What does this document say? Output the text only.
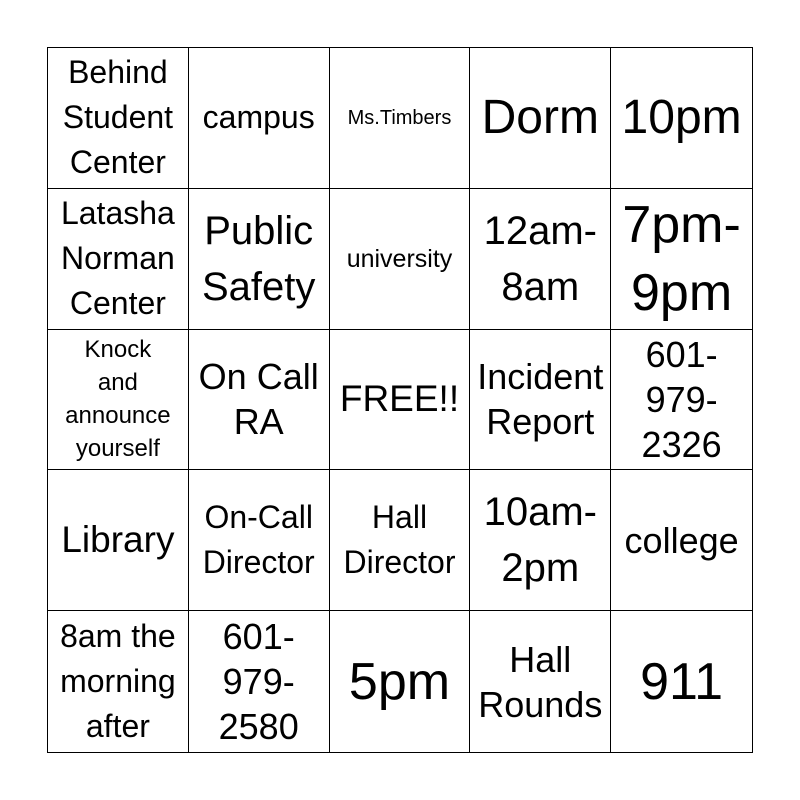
Behind
Student
Center
campus Ms.Timbers Dorm 10pm
Latasha
Norman
Center
Public
Safety
university
12am-
8am
7pm-
9pm
Knock
and
announce
yourself
On Call
RA
FREE!!
Incident
Report
601-
979-
2326
Library
On-Call
Director
Hall
Director
10am-
2pm
college
8am the
morning
after
601-
979-
2580
5pm	Hall
Rounds 911
